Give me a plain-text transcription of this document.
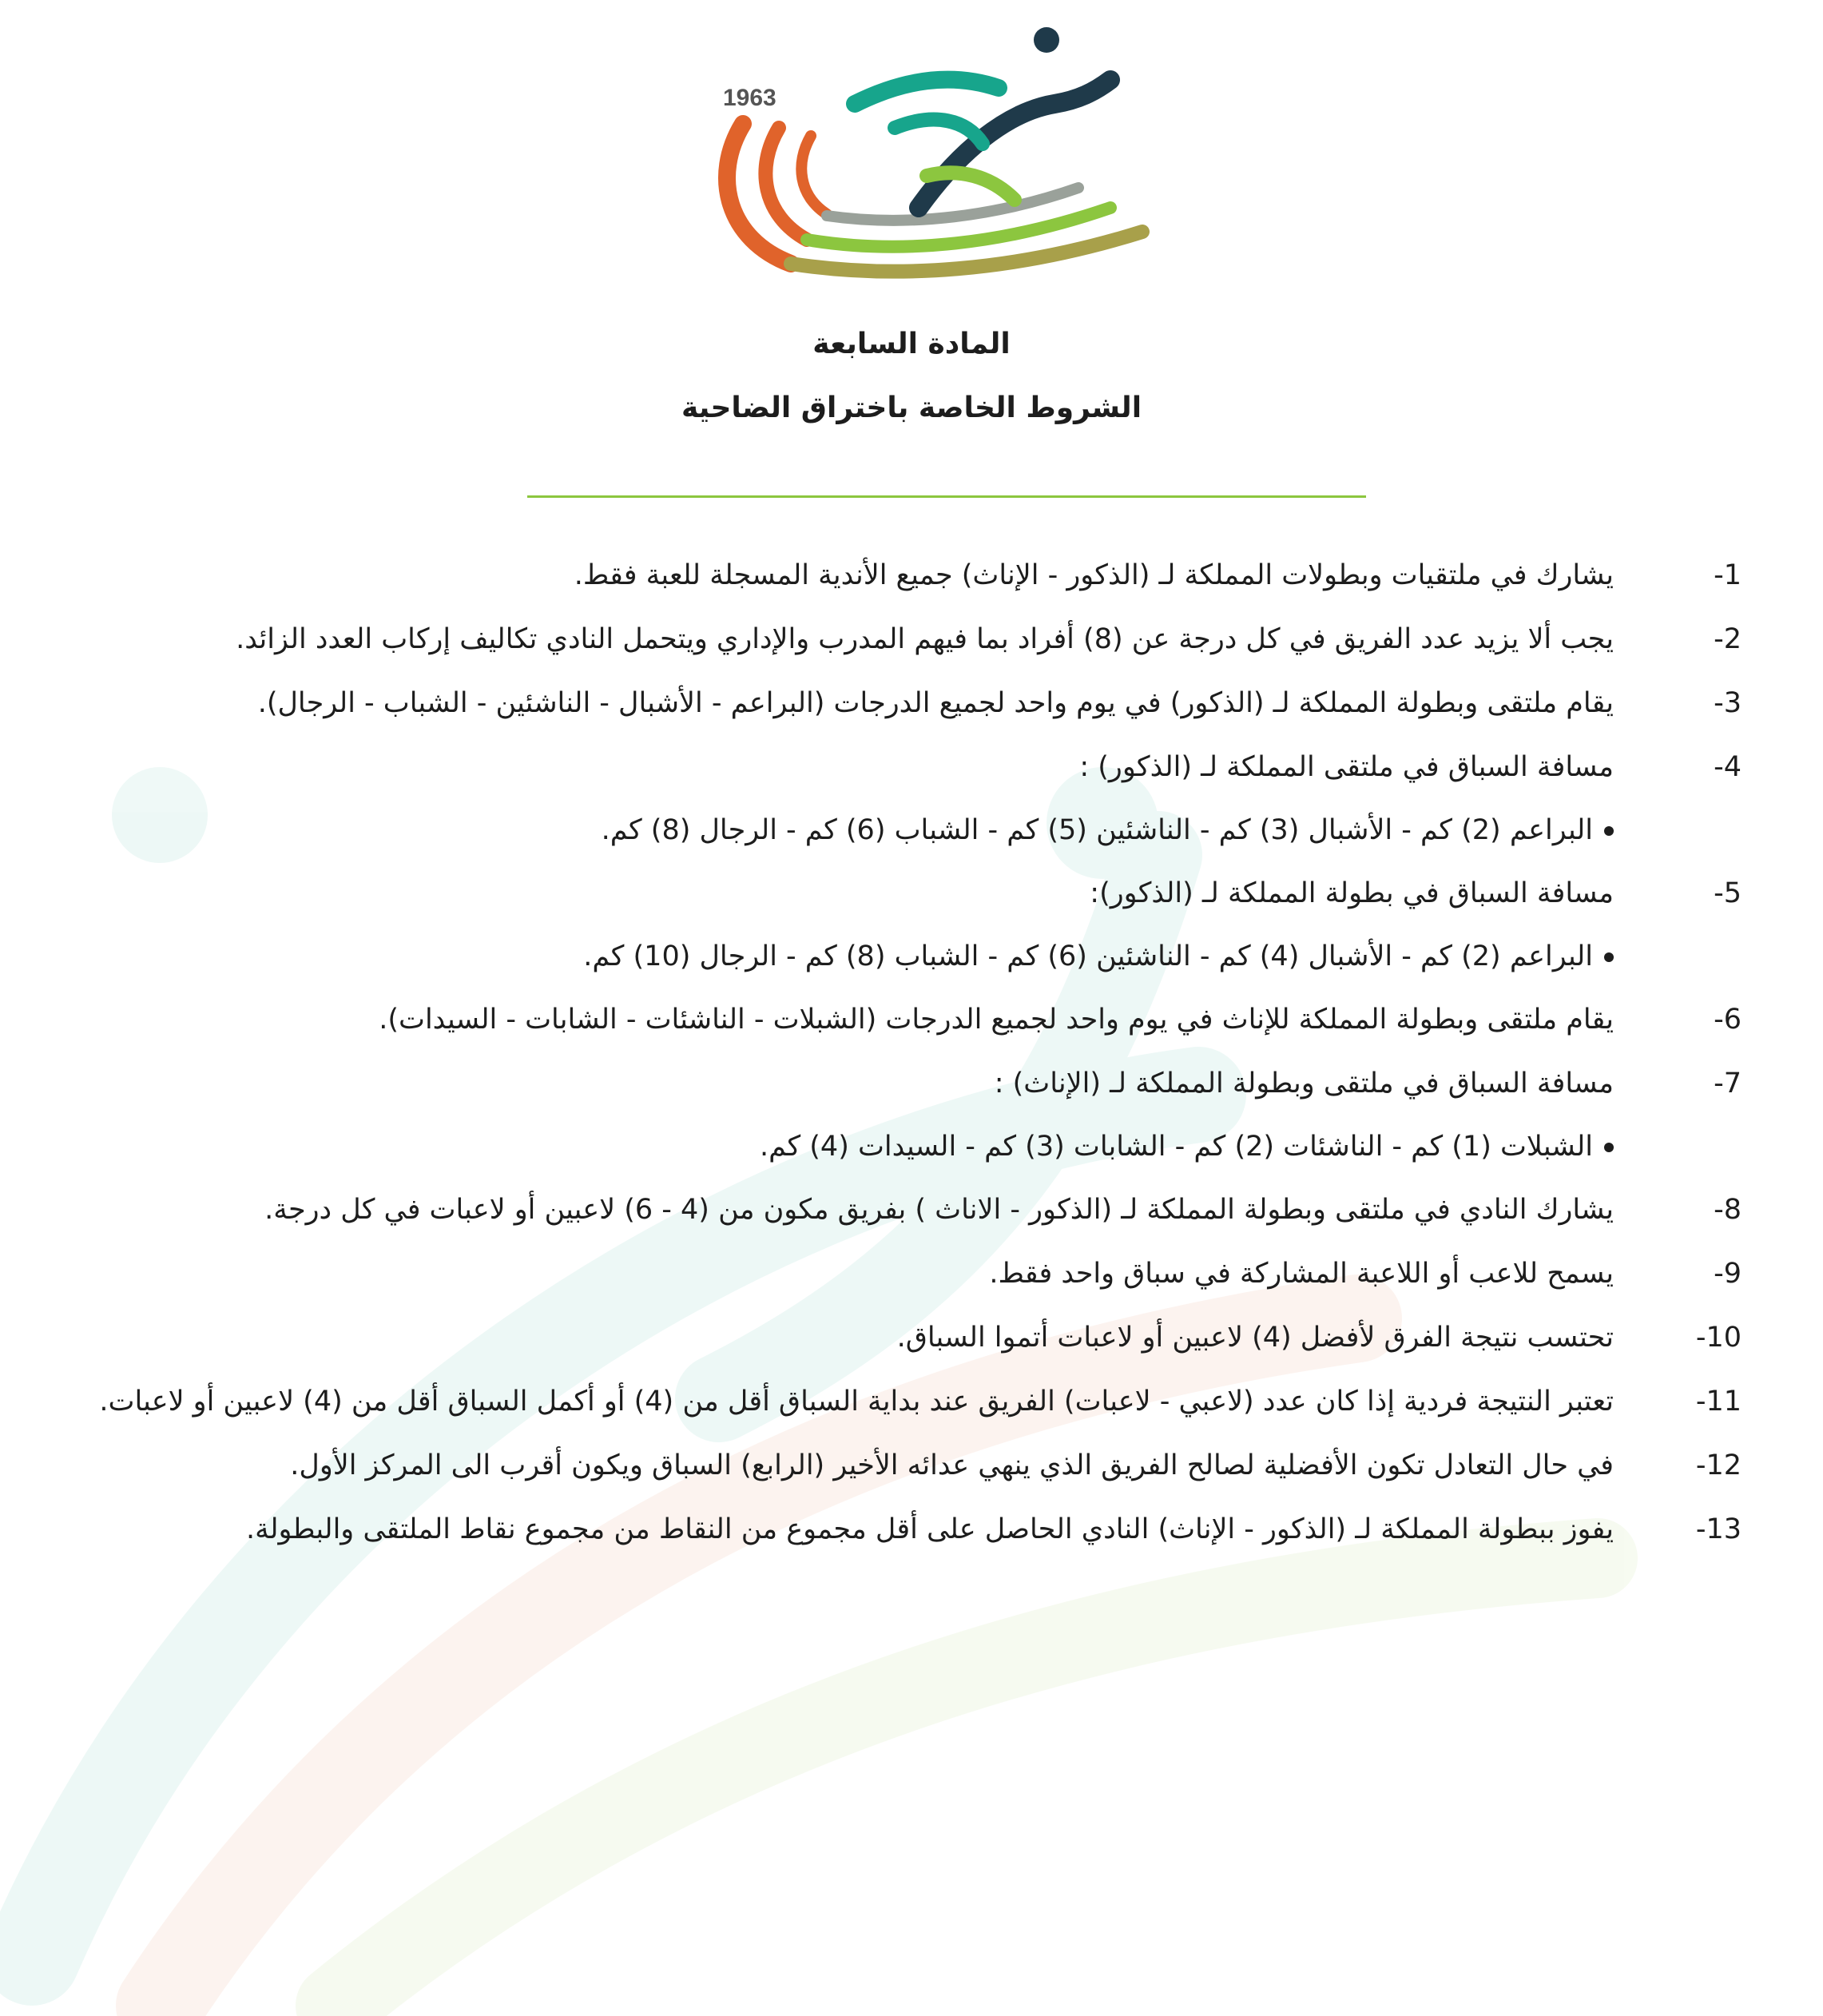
1963
المادة السابعة
الشروط الخاصة باختراق الضاحية
1-
يشارك في ملتقيات وبطولات المملكة لـ (الذكور - الإناث) جميع الأندية المسجلة للعبة فقط.
2-
يجب ألا يزيد عدد الفريق في كل درجة عن (8) أفراد بما فيهم المدرب والإداري ويتحمل النادي تكاليف إركاب العدد الزائد.
3-
يقام ملتقى وبطولة المملكة لـ (الذكور) في يوم واحد لجميع الدرجات (البراعم - الأشبال - الناشئين - الشباب - الرجال).
4-
مسافة السباق في ملتقى المملكة لـ (الذكور) :
البراعم (2) كم - الأشبال (3) كم - الناشئين (5) كم - الشباب (6) كم - الرجال (8) كم.
5-
مسافة السباق في بطولة المملكة لـ (الذكور):
البراعم (2) كم - الأشبال (4) كم - الناشئين (6) كم - الشباب (8) كم - الرجال (10) كم.
6-
يقام ملتقى وبطولة المملكة للإناث في يوم واحد لجميع الدرجات (الشبلات - الناشئات - الشابات - السيدات).
7-
مسافة السباق في ملتقى وبطولة المملكة لـ (الإناث) :
الشبلات (1) كم - الناشئات (2) كم - الشابات (3) كم - السيدات (4) كم.
8-
يشارك النادي في ملتقى وبطولة المملكة لـ (الذكور - الاناث ) بفريق مكون من (4 - 6) لاعبين أو لاعبات في كل درجة.
9-
يسمح للاعب أو اللاعبة المشاركة في سباق واحد فقط.
10-
تحتسب نتيجة الفرق لأفضل (4) لاعبين أو لاعبات أتموا السباق.
11-
تعتبر النتيجة فردية إذا كان عدد (لاعبي - لاعبات) الفريق عند بداية السباق أقل من (4) أو أكمل السباق أقل من (4) لاعبين أو لاعبات.
12-
في حال التعادل تكون الأفضلية لصالح الفريق الذي ينهي عدائه الأخير (الرابع) السباق ويكون أقرب الى المركز الأول.
13-
يفوز ببطولة المملكة لـ (الذكور - الإناث) النادي الحاصل على أقل مجموع من النقاط من مجموع نقاط الملتقى والبطولة.
